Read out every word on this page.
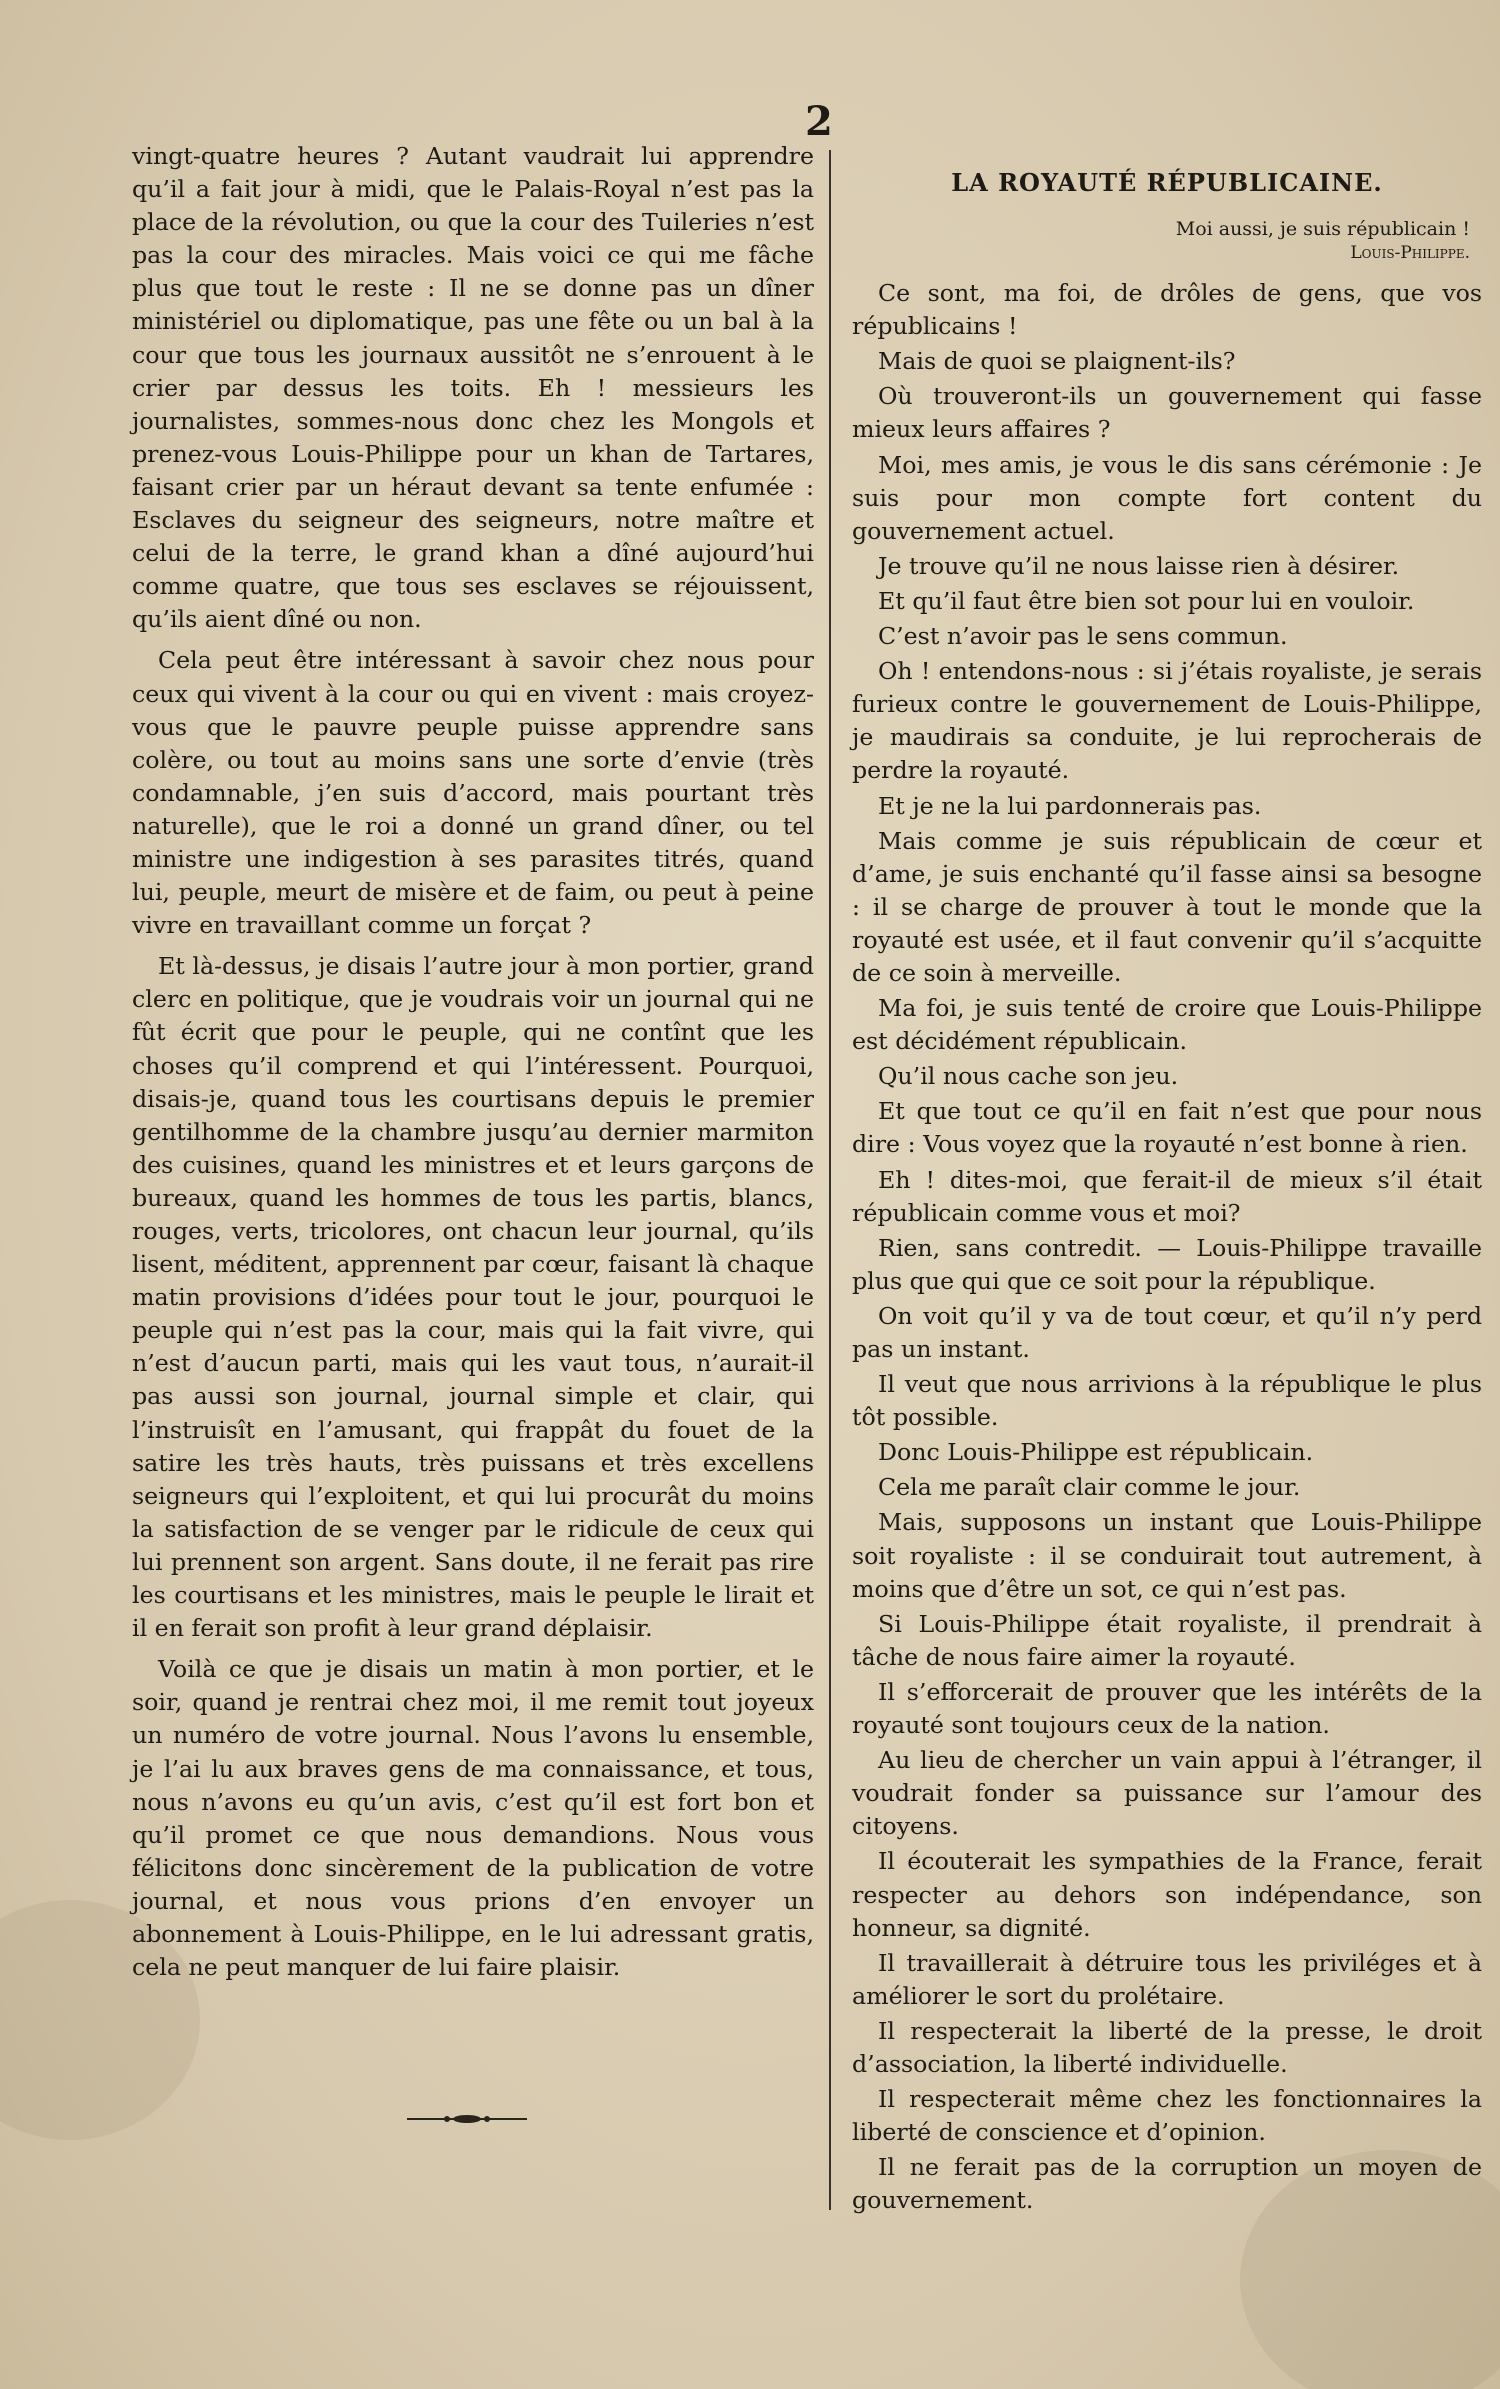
2

vingt-quatre heures ? Autant vaudrait lui apprendre qu’il a fait jour à midi, que le Palais-Royal n’est pas la place de la révolution, ou que la cour des Tuileries n’est pas la cour des miracles. Mais voici ce qui me fâche plus que tout le reste : Il ne se donne pas un dîner ministériel ou diplomatique, pas une fête ou un bal à la cour que tous les journaux aussitôt ne s’enrouent à le crier par dessus les toits. Eh ! messieurs les journalistes, sommes-nous donc chez les Mongols et prenez-vous Louis-Philippe pour un khan de Tartares, faisant crier par un héraut devant sa tente enfumée : Esclaves du seigneur des seigneurs, notre maître et celui de la terre, le grand khan a dîné aujourd’hui comme quatre, que tous ses esclaves se réjouissent, qu’ils aient dîné ou non.

Cela peut être intéressant à savoir chez nous pour ceux qui vivent à la cour ou qui en vivent : mais croyez-vous que le pauvre peuple puisse apprendre sans colère, ou tout au moins sans une sorte d’envie (très condamnable, j’en suis d’accord, mais pourtant très naturelle), que le roi a donné un grand dîner, ou tel ministre une indigestion à ses parasites titrés, quand lui, peuple, meurt de misère et de faim, ou peut à peine vivre en travaillant comme un forçat ?

Et là-dessus, je disais l’autre jour à mon portier, grand clerc en politique, que je voudrais voir un journal qui ne fût écrit que pour le peuple, qui ne contînt que les choses qu’il comprend et qui l’intéressent. Pourquoi, disais-je, quand tous les courtisans depuis le premier gentilhomme de la chambre jusqu’au dernier marmiton des cuisines, quand les ministres et et leurs garçons de bureaux, quand les hommes de tous les partis, blancs, rouges, verts, tricolores, ont chacun leur journal, qu’ils lisent, méditent, apprennent par cœur, faisant là chaque matin provisions d’idées pour tout le jour, pourquoi le peuple qui n’est pas la cour, mais qui la fait vivre, qui n’est d’aucun parti, mais qui les vaut tous, n’aurait-il pas aussi son journal, journal simple et clair, qui l’instruisît en l’amusant, qui frappât du fouet de la satire les très hauts, très puissans et très excellens seigneurs qui l’exploitent, et qui lui procurât du moins la satisfaction de se venger par le ridicule de ceux qui lui prennent son argent. Sans doute, il ne ferait pas rire les courtisans et les ministres, mais le peuple le lirait et il en ferait son profit à leur grand déplaisir.

Voilà ce que je disais un matin à mon portier, et le soir, quand je rentrai chez moi, il me remit tout joyeux un numéro de votre journal. Nous l’avons lu ensemble, je l’ai lu aux braves gens de ma connaissance, et tous, nous n’avons eu qu’un avis, c’est qu’il est fort bon et qu’il promet ce que nous demandions. Nous vous félicitons donc sincèrement de la publication de votre journal, et nous vous prions d’en envoyer un abonnement à Louis-Philippe, en le lui adressant gratis, cela ne peut manquer de lui faire plaisir.

LA ROYAUTÉ RÉPUBLICAINE.
Moi aussi, je suis républicain !
Louis-Philippe.

Ce sont, ma foi, de drôles de gens, que vos républicains !

Mais de quoi se plaignent-ils?

Où trouveront-ils un gouvernement qui fasse mieux leurs affaires ?

Moi, mes amis, je vous le dis sans cérémonie : Je suis pour mon compte fort content du gouvernement actuel.

Je trouve qu’il ne nous laisse rien à désirer.

Et qu’il faut être bien sot pour lui en vouloir.

C’est n’avoir pas le sens commun.

Oh ! entendons-nous : si j’étais royaliste, je serais furieux contre le gouvernement de Louis-Philippe, je maudirais sa conduite, je lui reprocherais de perdre la royauté.

Et je ne la lui pardonnerais pas.

Mais comme je suis républicain de cœur et d’ame, je suis enchanté qu’il fasse ainsi sa besogne : il se charge de prouver à tout le monde que la royauté est usée, et il faut convenir qu’il s’acquitte de ce soin à merveille.

Ma foi, je suis tenté de croire que Louis-Philippe est décidément républicain.

Qu’il nous cache son jeu.

Et que tout ce qu’il en fait n’est que pour nous dire : Vous voyez que la royauté n’est bonne à rien.

Eh ! dites-moi, que ferait-il de mieux s’il était républicain comme vous et moi?

Rien, sans contredit. — Louis-Philippe travaille plus que qui que ce soit pour la république.

On voit qu’il y va de tout cœur, et qu’il n’y perd pas un instant.

Il veut que nous arrivions à la république le plus tôt possible.

Donc Louis-Philippe est républicain.

Cela me paraît clair comme le jour.

Mais, supposons un instant que Louis-Philippe soit royaliste : il se conduirait tout autrement, à moins que d’être un sot, ce qui n’est pas.

Si Louis-Philippe était royaliste, il prendrait à tâche de nous faire aimer la royauté.

Il s’efforcerait de prouver que les intérêts de la royauté sont toujours ceux de la nation.

Au lieu de chercher un vain appui à l’étranger, il voudrait fonder sa puissance sur l’amour des citoyens.

Il écouterait les sympathies de la France, ferait respecter au dehors son indépendance, son honneur, sa dignité.

Il travaillerait à détruire tous les priviléges et à améliorer le sort du prolétaire.

Il respecterait la liberté de la presse, le droit d’association, la liberté individuelle.

Il respecterait même chez les fonctionnaires la liberté de conscience et d’opinion.

Il ne ferait pas de la corruption un moyen de gouvernement.
